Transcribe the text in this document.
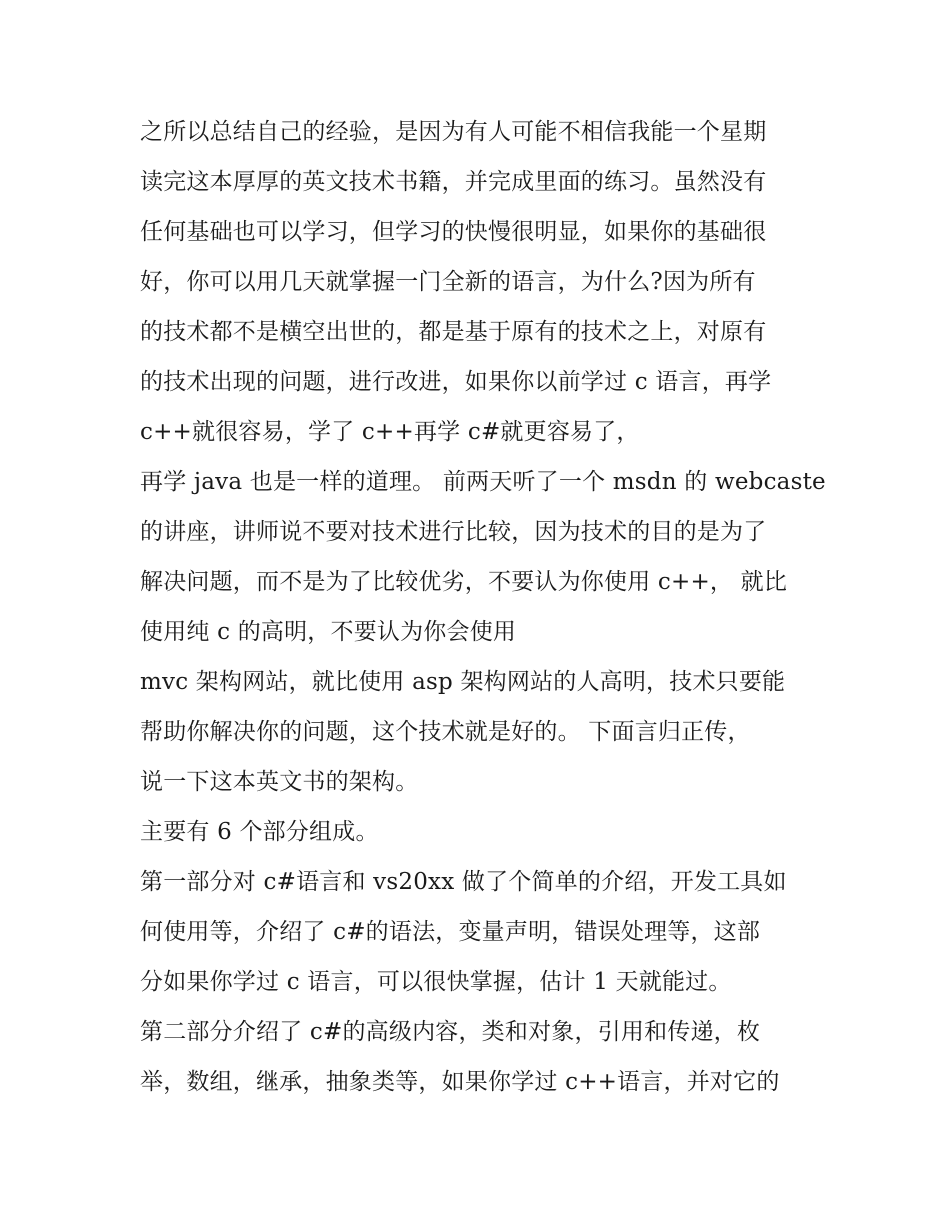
之所以总结自己的经验，是因为有人可能不相信我能一个星期
读完这本厚厚的英文技术书籍，并完成里面的练习。虽然没有
任何基础也可以学习，但学习的快慢很明显，如果你的基础很
好，你可以用几天就掌握一门全新的语言，为什么?因为所有
的技术都不是横空出世的，都是基于原有的技术之上，对原有
的技术出现的问题，进行改进，如果你以前学过 c 语言，再学
c++就很容易，学了 c++再学 c#就更容易了，
再学 java 也是一样的道理。 前两天听了一个 msdn 的 webcaste
的讲座，讲师说不要对技术进行比较，因为技术的目的是为了
解决问题，而不是为了比较优劣，不要认为你使用 c++， 就比
使用纯 c 的高明，不要认为你会使用
mvc 架构网站，就比使用 asp 架构网站的人高明，技术只要能
帮助你解决你的问题，这个技术就是好的。 下面言归正传，
说一下这本英文书的架构。
主要有 6 个部分组成。
第一部分对 c#语言和 vs20xx 做了个简单的介绍，开发工具如
何使用等，介绍了 c#的语法，变量声明，错误处理等，这部
分如果你学过 c 语言，可以很快掌握，估计 1 天就能过。
第二部分介绍了 c#的高级内容，类和对象，引用和传递，枚
举，数组，继承，抽象类等，如果你学过 c++语言，并对它的
